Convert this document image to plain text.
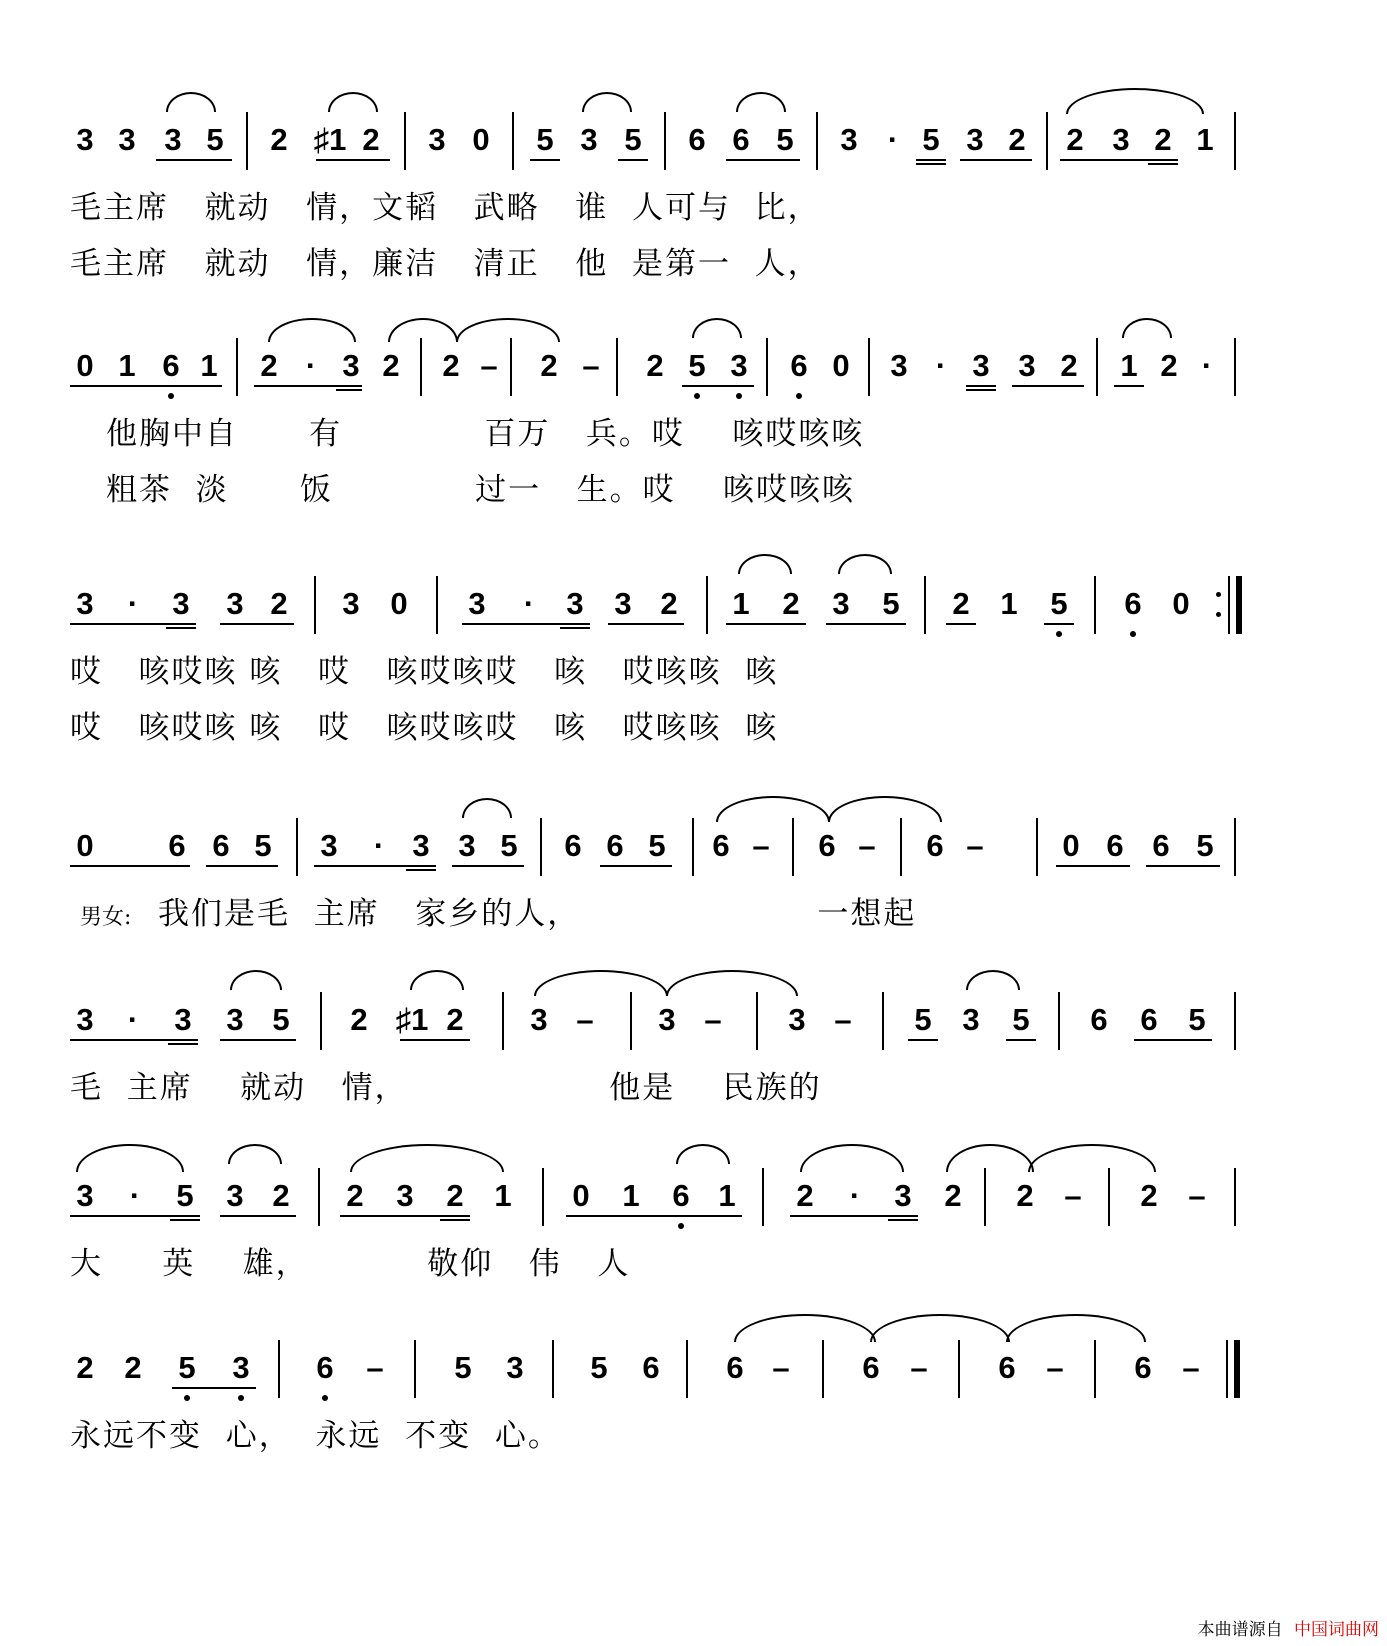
3 3 3 5 2 ♯1 2 3 0 5 3 5 6 6 5 3 · 5 3 2 2 3 2 1
毛主席   就动   情，文韬   武略   谁  人可与  比，
毛主席   就动   情，廉洁   清正   他  是第一  人，
0 1 6 1 2 · 3 2 2 – 2 – 2 5 3 6 0 3 · 3 3 2 1 2 ·
他胸中自      有            百万   兵。哎    咳哎咳咳
粗茶  淡      饭            过一   生。哎    咳哎咳咳
3	·	3 3 2 3 0 3	·	3 3 2 1 2 3 5 2 1 5 6 0
哎   咳哎咳 咳   哎   咳哎咳哎   咳   哎咳咳  咳
哎   咳哎咳 咳   哎   咳哎咳哎   咳   哎咳咳  咳
0 6 6 5 3	· 3 3 5 6 6 5 6 – 6 – 6 –	0 6 6 5
男女: 我们是毛  主席   家乡的人，                    一想起
3	·	3 3 5 2 ♯1 2 3 – 3 – 3 – 5 3 5 6 6 5
毛  主席    就动   情，                 他是    民族的
3	·	5 3 2 2 3 2 1 0 1 6 1 2	·	3 2 2 – 2 –
大     英    雄，          敬仰   伟   人
2 2 5 3 6 – 5 3 5 6 6 – 6 – 6 – 6 –
永远不变  心，  永远  不变  心。
本曲谱源自 中国词曲网
